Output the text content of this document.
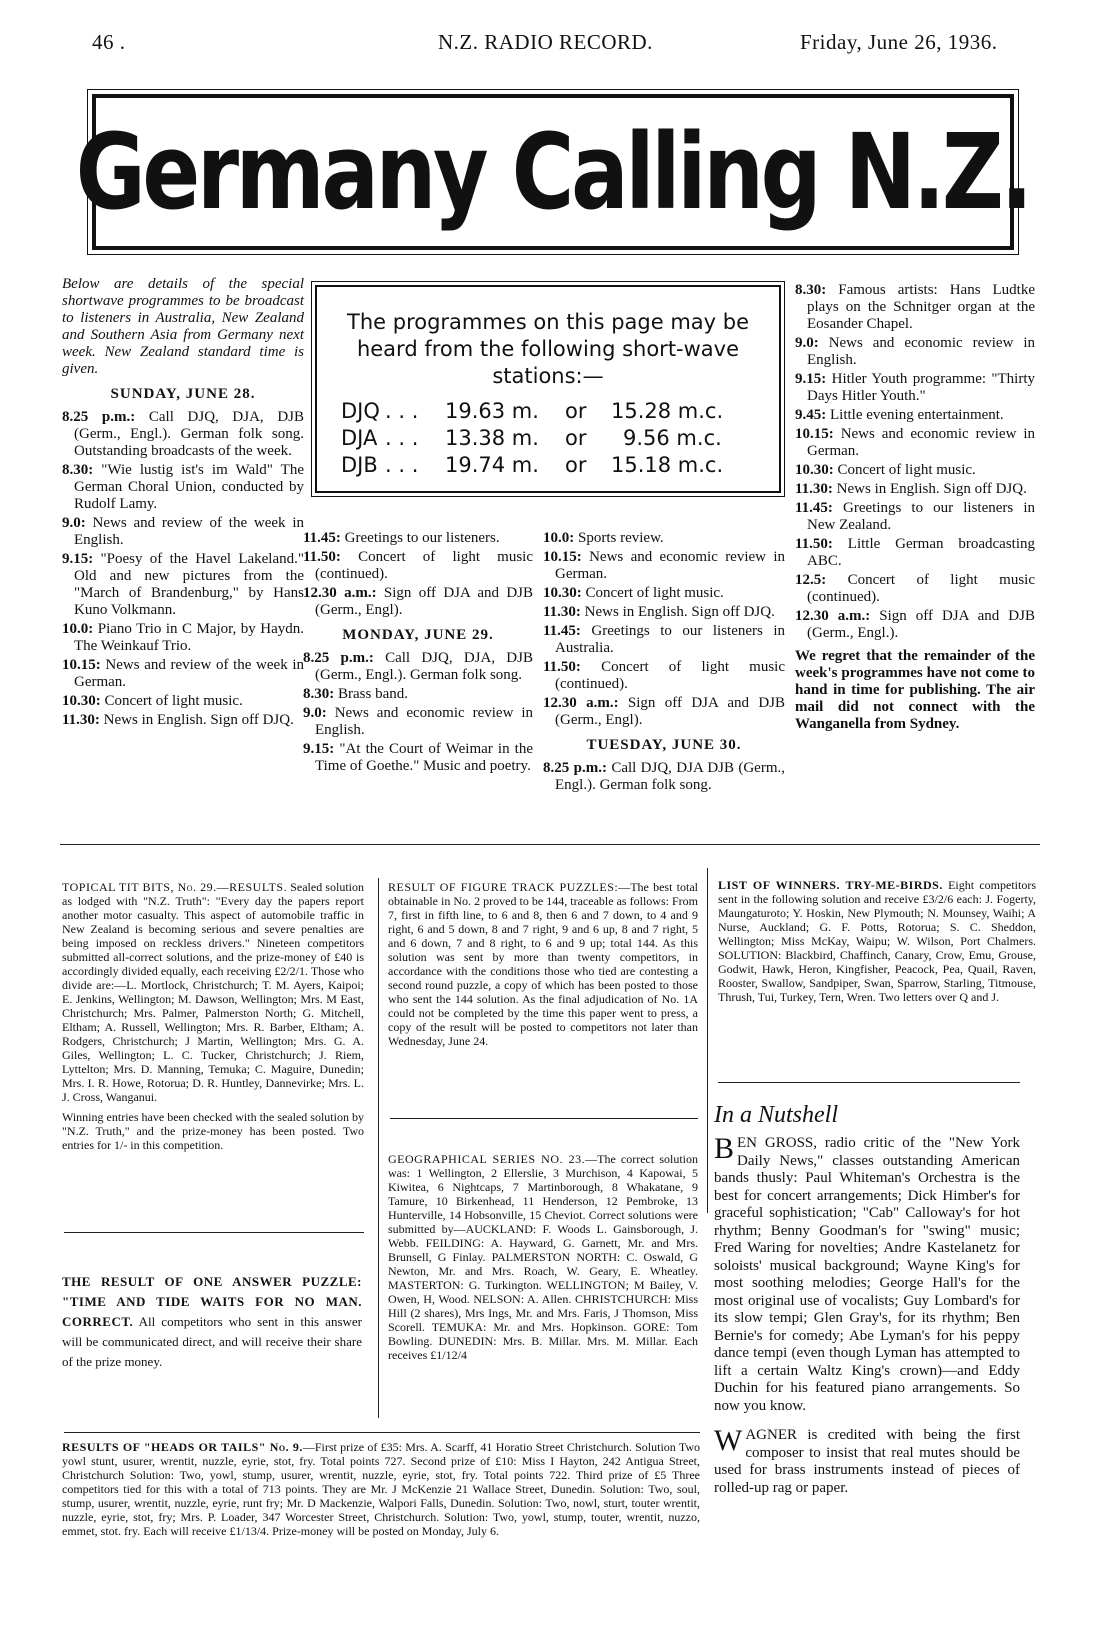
46 .	N.Z. RADIO RECORD.	Friday, June 26, 1936.
Germany Calling N.Z.

Below are details of the special shortwave programmes to be broadcast to listeners in Australia, New Zealand and Southern Asia from Germany next week. New Zealand standard time is given.

SUNDAY, JUNE 28.

8.25 p.m.: Call DJQ, DJA, DJB (Germ., Engl.). German folk song. Outstanding broadcasts of the week.

8.30: "Wie lustig ist's im Wald" The German Choral Union, conducted by Rudolf Lamy.

9.0: News and review of the week in English.

9.15: "Poesy of the Havel Lakeland." Old and new pictures from the "March of Brandenburg," by Hans Kuno Volkmann.

10.0: Piano Trio in C Major, by Haydn. The Weinkauf Trio.

10.15: News and review of the week in German.

10.30: Concert of light music.

11.30: News in English. Sign off DJQ.

The programmes on this page may be heard from the following short-wave stations:—
DJQ . . . 19.63 m. or 15.28 m.c.
DJA . . . 13.38 m. or 9.56 m.c.
DJB . . . 19.74 m. or 15.18 m.c.

11.45: Greetings to our listeners.

11.50: Concert of light music (continued).

12.30 a.m.: Sign off DJA and DJB (Germ., Engl).

MONDAY, JUNE 29.

8.25 p.m.: Call DJQ, DJA, DJB (Germ., Engl.). German folk song.

8.30: Brass band.

9.0: News and economic review in English.

9.15: "At the Court of Weimar in the Time of Goethe." Music and poetry.

10.0: Sports review.

10.15: News and economic review in German.

10.30: Concert of light music.

11.30: News in English. Sign off DJQ.

11.45: Greetings to our listeners in Australia.

11.50: Concert of light music (continued).

12.30 a.m.: Sign off DJA and DJB (Germ., Engl).

TUESDAY, JUNE 30.

8.25 p.m.: Call DJQ, DJA DJB (Germ., Engl.). German folk song.

8.30: Famous artists: Hans Ludtke plays on the Schnitger organ at the Eosander Chapel.

9.0: News and economic review in English.

9.15: Hitler Youth programme: "Thirty Days Hitler Youth."

9.45: Little evening entertainment.

10.15: News and economic review in German.

10.30: Concert of light music.

11.30: News in English. Sign off DJQ.

11.45: Greetings to our listeners in New Zealand.

11.50: Little German broadcasting ABC.

12.5: Concert of light music (continued).

12.30 a.m.: Sign off DJA and DJB (Germ., Engl.).

We regret that the remainder of the week's programmes have not come to hand in time for publishing. The air mail did not connect with the Wanganella from Sydney.

TOPICAL TIT BITS, No. 29.—RESULTS. Sealed solution as lodged with "N.Z. Truth": "Every day the papers report another motor casualty. This aspect of automobile traffic in New Zealand is becoming serious and severe penalties are being imposed on reckless drivers." Nineteen competitors submitted all-correct solutions, and the prize-money of £40 is accordingly divided equally, each receiving £2/2/1. Those who divide are:—L. Mortlock, Christchurch; T. M. Ayers, Kaipoi; E. Jenkins, Wellington; M. Dawson, Wellington; Mrs. M East, Christchurch; Mrs. Palmer, Palmerston North; G. Mitchell, Eltham; A. Russell, Wellington; Mrs. R. Barber, Eltham; A. Rodgers, Christchurch; J Martin, Wellington; Mrs. G. A. Giles, Wellington; L. C. Tucker, Christchurch; J. Riem, Lyttelton; Mrs. D. Manning, Temuka; C. Maguire, Dunedin; Mrs. I. R. Howe, Rotorua; D. R. Huntley, Dannevirke; Mrs. L. J. Cross, Wanganui.

Winning entries have been checked with the sealed solution by "N.Z. Truth," and the prize-money has been posted. Two entries for 1/- in this competition.

THE RESULT OF ONE ANSWER PUZZLE: "TIME AND TIDE WAITS FOR NO MAN. CORRECT. All competitors who sent in this answer will be communicated direct, and will receive their share of the prize money.

RESULT OF FIGURE TRACK PUZZLES:—The best total obtainable in No. 2 proved to be 144, traceable as follows: From 7, first in fifth line, to 6 and 8, then 6 and 7 down, to 4 and 9 right, 6 and 5 down, 8 and 7 right, 9 and 6 up, 8 and 7 right, 5 and 6 down, 7 and 8 right, to 6 and 9 up; total 144. As this solution was sent by more than twenty competitors, in accordance with the conditions those who tied are contesting a second round puzzle, a copy of which has been posted to those who sent the 144 solution. As the final adjudication of No. 1A could not be completed by the time this paper went to press, a copy of the result will be posted to competitors not later than Wednesday, June 24.

GEOGRAPHICAL SERIES NO. 23.—The correct solution was: 1 Wellington, 2 Ellerslie, 3 Murchison, 4 Kapowai, 5 Kiwitea, 6 Nightcaps, 7 Martinborough, 8 Whakatane, 9 Tamure, 10 Birkenhead, 11 Henderson, 12 Pembroke, 13 Hunterville, 14 Hobsonville, 15 Cheviot. Correct solutions were submitted by—AUCKLAND: F. Woods L. Gainsborough, J. Webb. FEILDING: A. Hayward, G. Garnett, Mr. and Mrs. Brunsell, G Finlay. PALMERSTON NORTH: C. Oswald, G Newton, Mr. and Mrs. Roach, W. Geary, E. Wheatley. MASTERTON: G. Turkington. WELLINGTON; M Bailey, V. Owen, H, Wood. NELSON: A. Allen. CHRISTCHURCH: Miss Hill (2 shares), Mrs Ings, Mr. and Mrs. Faris, J Thomson, Miss Scorell. TEMUKA: Mr. and Mrs. Hopkinson. GORE: Tom Bowling. DUNEDIN: Mrs. B. Millar. Mrs. M. Millar. Each receives £1/12/4

LIST OF WINNERS. TRY-ME-BIRDS. Eight competitors sent in the following solution and receive £3/2/6 each: J. Fogerty, Maungaturoto; Y. Hoskin, New Plymouth; N. Mounsey, Waihi; A Nurse, Auckland; G. F. Potts, Rotorua; S. C. Sheddon, Wellington; Miss McKay, Waipu; W. Wilson, Port Chalmers. SOLUTION: Blackbird, Chaffinch, Canary, Crow, Emu, Grouse, Godwit, Hawk, Heron, Kingfisher, Peacock, Pea, Quail, Raven, Rooster, Swallow, Sandpiper, Swan, Sparrow, Starling, Titmouse, Thrush, Tui, Turkey, Tern, Wren. Two letters over Q and J.

In a Nutshell

BEN GROSS, radio critic of the "New York Daily News," classes outstanding American bands thusly: Paul Whiteman's Orchestra is the best for concert arrangements; Dick Himber's for graceful sophistication; "Cab" Calloway's for hot rhythm; Benny Goodman's for "swing" music; Fred Waring for novelties; Andre Kastelanetz for soloists' musical background; Wayne King's for most soothing melodies; George Hall's for the most original use of vocalists; Guy Lombard's for its slow tempi; Glen Gray's, for its rhythm; Ben Bernie's for comedy; Abe Lyman's for his peppy dance tempi (even though Lyman has attempted to lift a certain Waltz King's crown)—and Eddy Duchin for his featured piano arrangements. So now you know.

WAGNER is credited with being the first composer to insist that real mutes should be used for brass instruments instead of pieces of rolled-up rag or paper.

RESULTS OF "HEADS OR TAILS" No. 9.—First prize of £35: Mrs. A. Scarff, 41 Horatio Street Christchurch. Solution Two yowl stunt, usurer, wrentit, nuzzle, eyrie, stot, fry. Total points 727. Second prize of £10: Miss I Hayton, 242 Antigua Street, Christchurch Solution: Two, yowl, stump, usurer, wrentit, nuzzle, eyrie, stot, fry. Total points 722. Third prize of £5 Three competitors tied for this with a total of 713 points. They are Mr. J McKenzie 21 Wallace Street, Dunedin. Solution: Two, soul, stump, usurer, wrentit, nuzzle, eyrie, runt fry; Mr. D Mackenzie, Walpori Falls, Dunedin. Solution: Two, nowl, sturt, touter wrentit, nuzzle, eyrie, stot, fry; Mrs. P. Loader, 347 Worcester Street, Christchurch. Solution: Two, yowl, stump, touter, wrentit, nuzzo, emmet, stot. fry. Each will receive £1/13/4. Prize-money will be posted on Monday, July 6.
